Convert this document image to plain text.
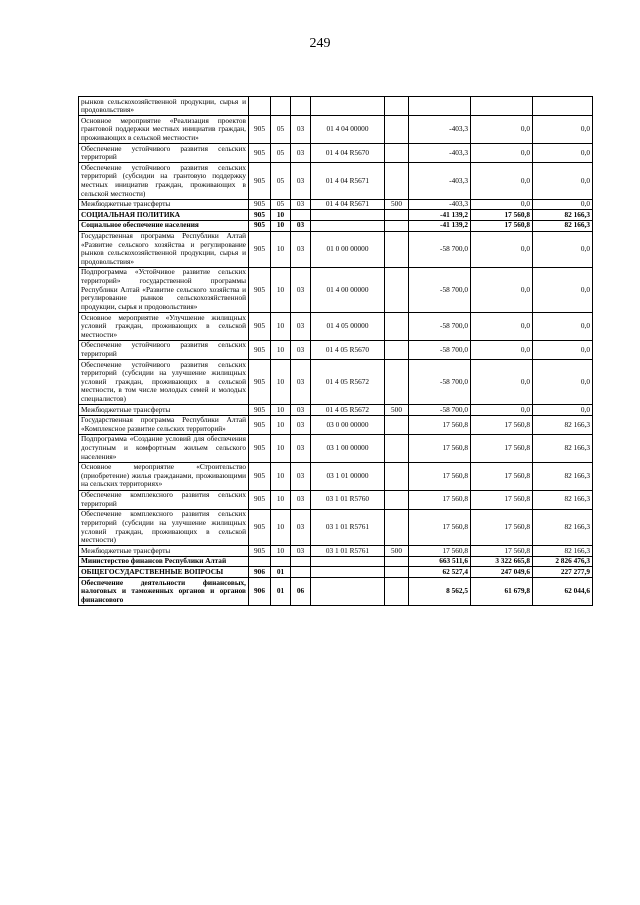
249
рынков сельскохозяйственной продукции, сырья и продовольствия»								
Основное мероприятие «Реализация проектов грантовой поддержки местных инициатив граждан, проживающих в сельской местности»	905	05	03	01 4 04 00000		-403,3	0,0	0,0
Обеспечение устойчивого развития сельских территорий	905	05	03	01 4 04 R5670		-403,3	0,0	0,0
Обеспечение устойчивого развития сельских территорий (субсидии на грантовую поддержку местных инициатив граждан, проживающих в сельской местности)	905	05	03	01 4 04 R5671		-403,3	0,0	0,0
Межбюджетные трансферты	905	05	03	01 4 04 R5671	500	-403,3	0,0	0,0
СОЦИАЛЬНАЯ ПОЛИТИКА	905	10				-41 139,2	17 560,8	82 166,3
Социальное обеспечение населения	905	10	03			-41 139,2	17 560,8	82 166,3
Государственная программа Республики Алтай «Развитие сельского хозяйства и регулирование рынков сельскохозяйственной продукции, сырья и продовольствия»	905	10	03	01 0 00 00000		-58 700,0	0,0	0,0
Подпрограмма «Устойчивое развитие сельских территорий» государственной программы Республики Алтай «Развитие сельского хозяйства и регулирование рынков сельскохозяйственной продукции, сырья и продовольствия»	905	10	03	01 4 00 00000		-58 700,0	0,0	0,0
Основное мероприятие «Улучшение жилищных условий граждан, проживающих в сельской местности»	905	10	03	01 4 05 00000		-58 700,0	0,0	0,0
Обеспечение устойчивого развития сельских территорий	905	10	03	01 4 05 R5670		-58 700,0	0,0	0,0
Обеспечение устойчивого развития сельских территорий (субсидии на улучшение жилищных условий граждан, проживающих в сельской местности, в том числе молодых семей и молодых специалистов)	905	10	03	01 4 05 R5672		-58 700,0	0,0	0,0
Межбюджетные трансферты	905	10	03	01 4 05 R5672	500	-58 700,0	0,0	0,0
Государственная программа Республики Алтай «Комплексное развитие сельских территорий»	905	10	03	03 0 00 00000		17 560,8	17 560,8	82 166,3
Подпрограмма «Создание условий для обеспечения доступным и комфортным жильем сельского населения»	905	10	03	03 1 00 00000		17 560,8	17 560,8	82 166,3
Основное мероприятие «Строительство (приобретение) жилья гражданами, проживающими на сельских территориях»	905	10	03	03 1 01 00000		17 560,8	17 560,8	82 166,3
Обеспечение комплексного развития сельских территорий	905	10	03	03 1 01 R5760		17 560,8	17 560,8	82 166,3
Обеспечение комплексного развития сельских территорий (субсидии на улучшение жилищных условий граждан, проживающих в сельской местности)	905	10	03	03 1 01 R5761		17 560,8	17 560,8	82 166,3
Межбюджетные трансферты	905	10	03	03 1 01 R5761	500	17 560,8	17 560,8	82 166,3
Министерство финансов Республики Алтай						663 511,6	3 322 665,8	2 826 476,3
ОБЩЕГОСУДАРСТВЕННЫЕ ВОПРОСЫ	906	01				62 527,4	247 049,6	227 277,9
Обеспечение деятельности финансовых, налоговых и таможенных органов и органов финансового	906	01	06			8 562,5	61 679,8	62 044,6
